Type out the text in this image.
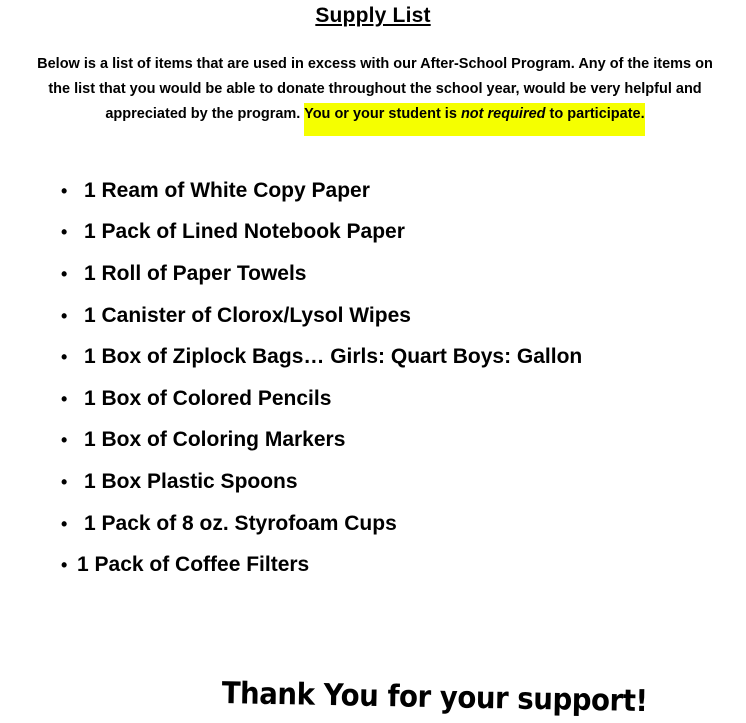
Supply List
Below is a list of items that are used in excess with our After-School Program. Any of the items on the list that you would be able to donate throughout the school year, would be very helpful and appreciated by the program. You or your student is not required to participate.
• 1 Ream of White Copy Paper
• 1 Pack of Lined Notebook Paper
• 1 Roll of Paper Towels
• 1 Canister of Clorox/Lysol Wipes
• 1 Box of Ziplock Bags… Girls: Quart Boys: Gallon
• 1 Box of Colored Pencils
• 1 Box of Coloring Markers
• 1 Box Plastic Spoons
• 1 Pack of 8 oz. Styrofoam Cups
• 1 Pack of Coffee Filters
Thank You for your support!
